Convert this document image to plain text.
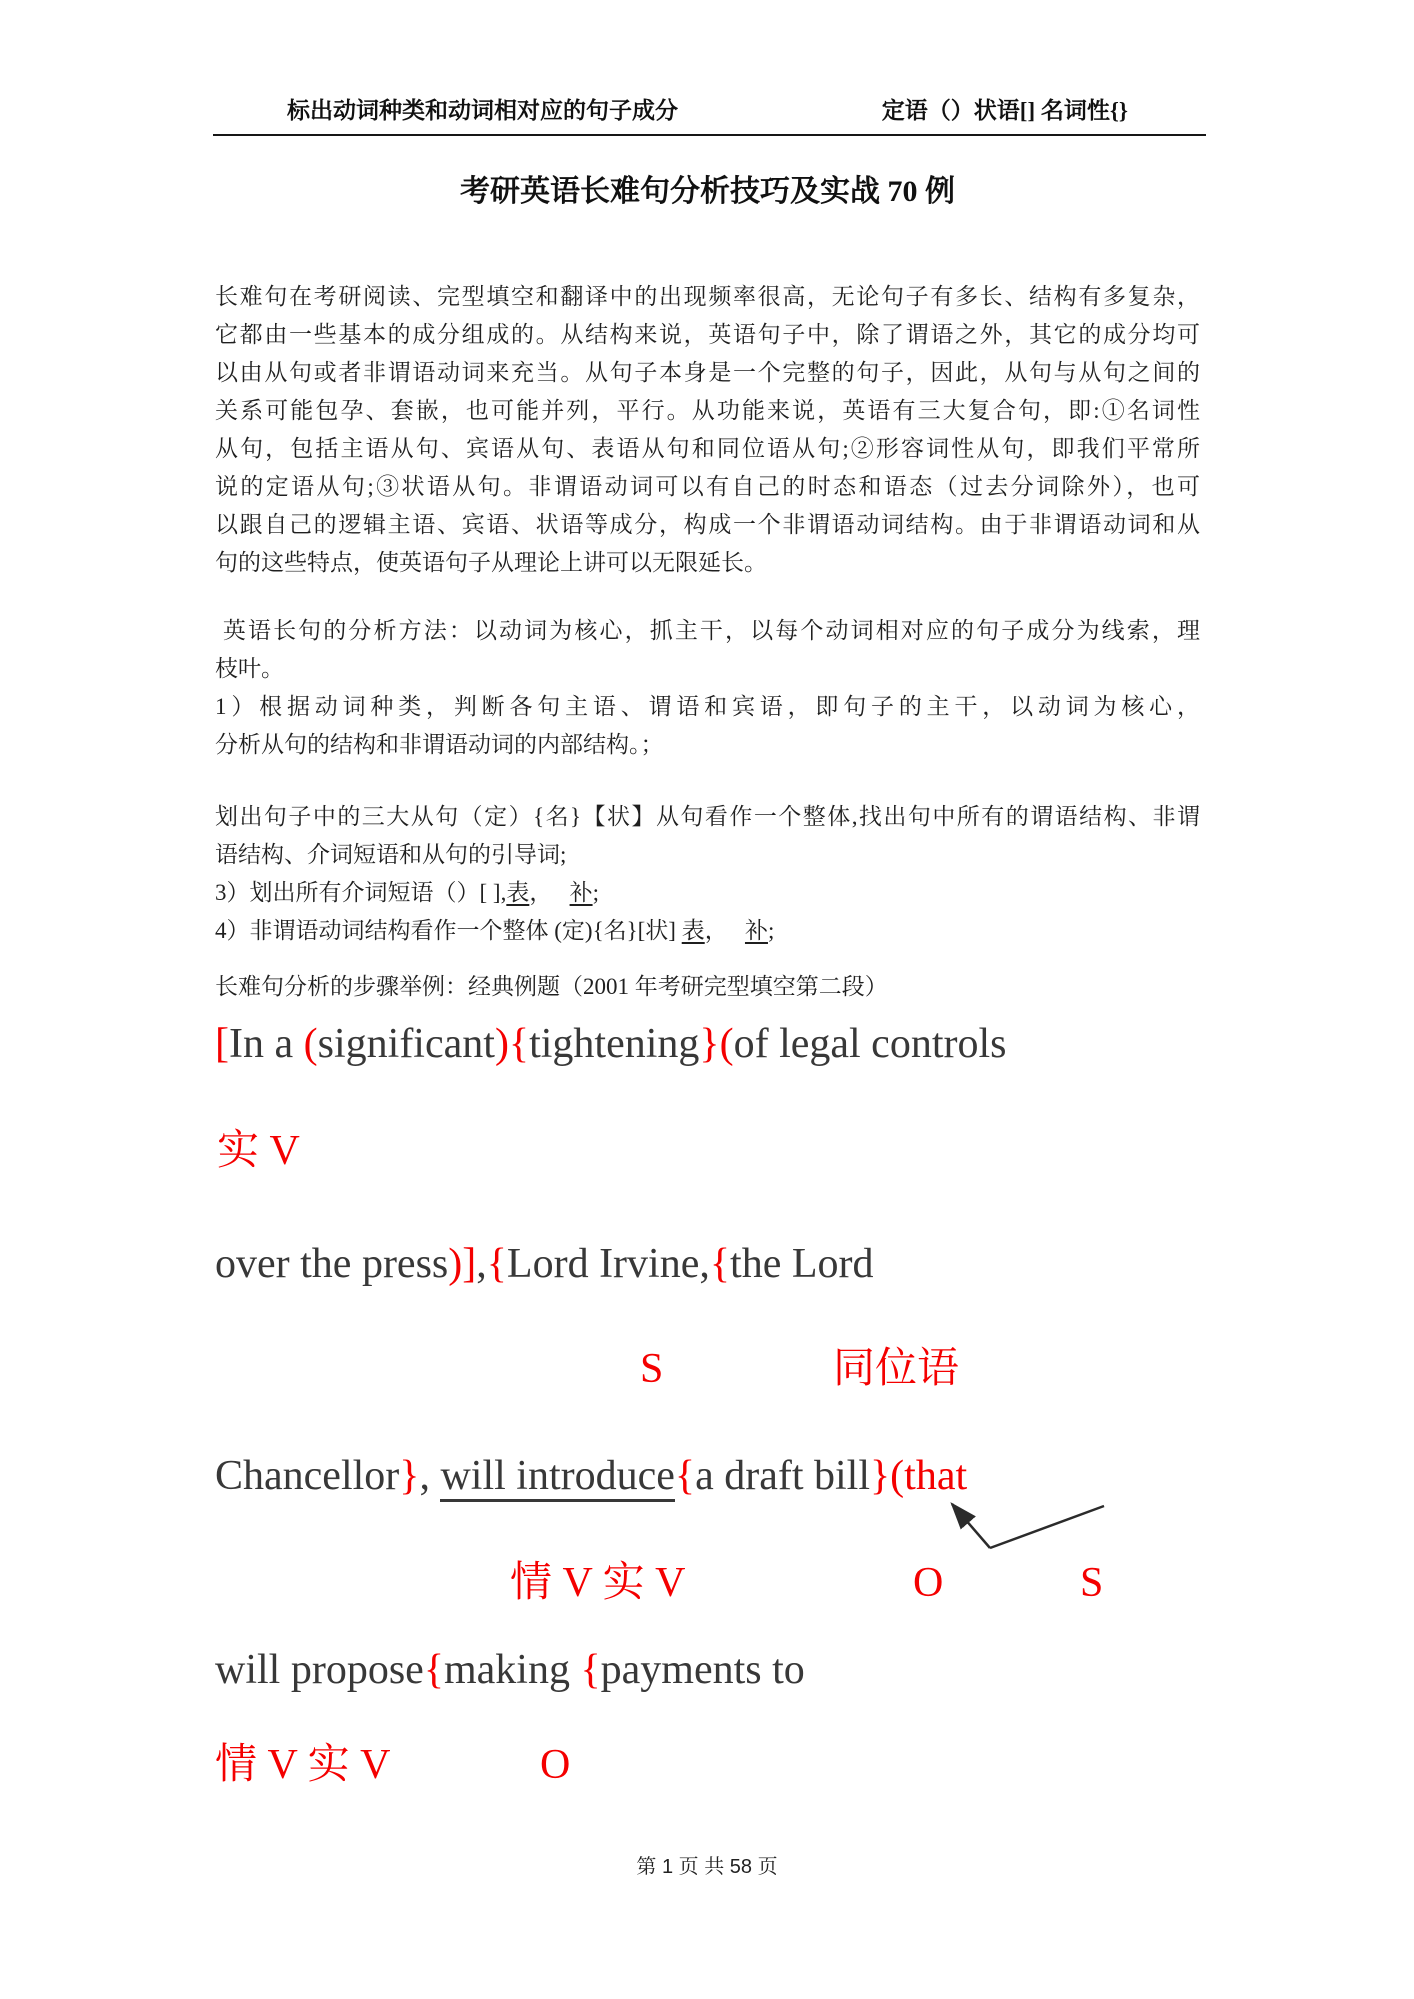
标出动词种类和动词相对应的句子成分	定语（）状语[] 名词性{}
考研英语长难句分析技巧及实战 70 例
长难句在考研阅读、完型填空和翻译中的出现频率很高，无论句子有多长、结构有多复杂，
它都由一些基本的成分组成的。从结构来说，英语句子中，除了谓语之外，其它的成分均可
以由从句或者非谓语动词来充当。从句子本身是一个完整的句子，因此，从句与从句之间的
关系可能包孕、套嵌，也可能并列，平行。从功能来说，英语有三大复合句，即:①名词性
从句，包括主语从句、宾语从句、表语从句和同位语从句;②形容词性从句，即我们平常所
说的定语从句;③状语从句。非谓语动词可以有自己的时态和语态（过去分词除外），也可
以跟自己的逻辑主语、宾语、状语等成分，构成一个非谓语动词结构。由于非谓语动词和从
句的这些特点，使英语句子从理论上讲可以无限延长。
英语长句的分析方法：以动词为核心，抓主干，以每个动词相对应的句子成分为线索，理
枝叶。
1）根据动词种类，判断各句主语、谓语和宾语，即句子的主干，以动词为核心，
分析从句的结构和非谓语动词的内部结构。；
划出句子中的三大从句（定）{名}【状】从句看作一个整体,找出句中所有的谓语结构、非谓
语结构、介词短语和从句的引导词;
3）划出所有介词短语（）[ ],表，   补;
4）非谓语动词结构看作一个整体 (定){名}[状] 表，   补;
长难句分析的步骤举例：经典例题（2001 年考研完型填空第二段）
[In a (significant){tightening}(of legal controls
实 V
over the press)],{Lord Irvine,{the Lord
S	同位语
Chancellor}, will introduce{a draft bill}(that
情 V 实 V	O	S
will propose{making {payments to
情 V 实 V	O
第 1 页 共 58 页
